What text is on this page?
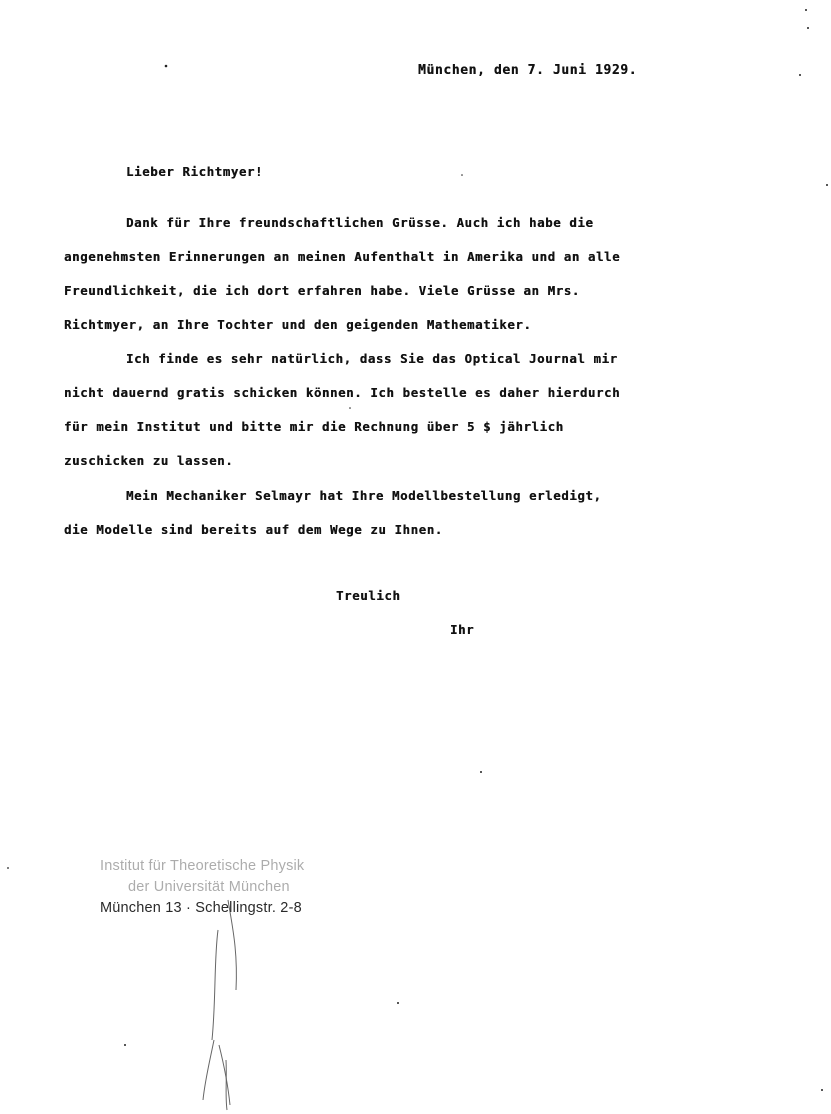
München, den 7. Juni 1929.
Lieber Richtmyer!
Dank für Ihre freundschaftlichen Grüsse. Auch ich habe die
angenehmsten Erinnerungen an meinen Aufenthalt in Amerika und an alle
Freundlichkeit, die ich dort erfahren habe. Viele Grüsse an Mrs.
Richtmyer, an Ihre Tochter und den geigenden Mathematiker.
Ich finde es sehr natürlich, dass Sie das Optical Journal mir
nicht dauernd gratis schicken können. Ich bestelle es daher hierdurch
für mein Institut und bitte mir die Rechnung über 5 $ jährlich
zuschicken zu lassen.
Mein Mechaniker Selmayr hat Ihre Modellbestellung erledigt,
die Modelle sind bereits auf dem Wege zu Ihnen.
Treulich
Ihr
Institut für Theoretische Physik
der Universität München
München 13 · Schellingstr. 2-8
